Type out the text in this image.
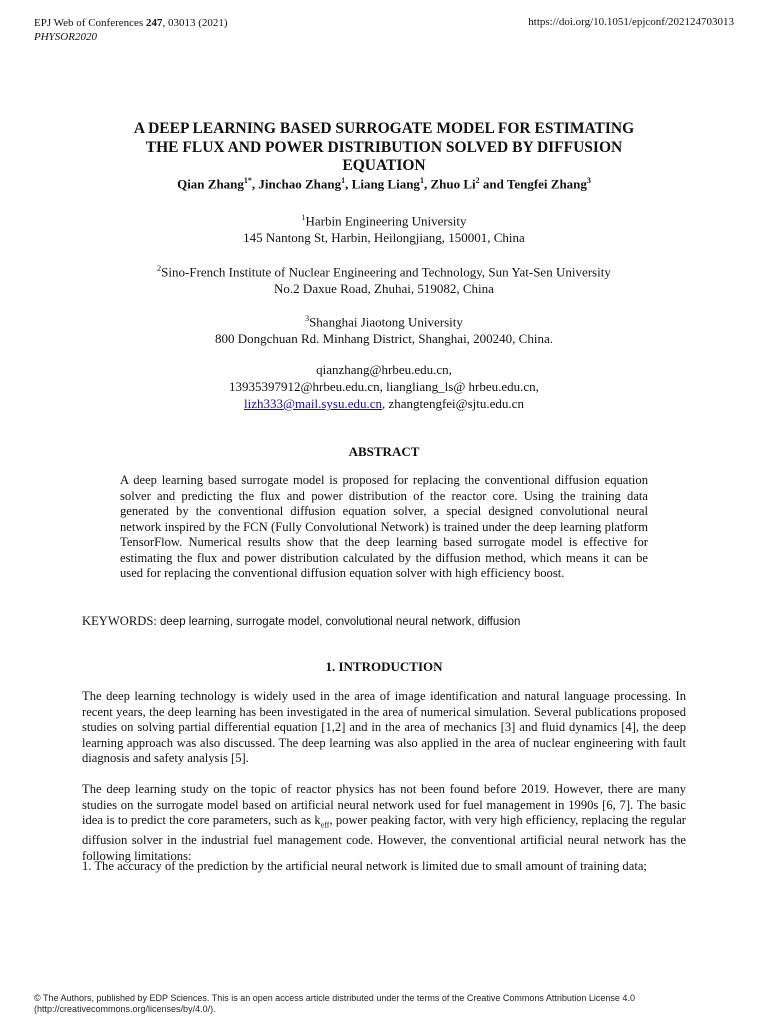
EPJ Web of Conferences 247, 03013 (2021)
PHYSOR2020
https://doi.org/10.1051/epjconf/202124703013
A DEEP LEARNING BASED SURROGATE MODEL FOR ESTIMATING
THE FLUX AND POWER DISTRIBUTION SOLVED BY DIFFUSION
EQUATION

Qian Zhang$^{1*}$, Jinchao Zhang$^1$, Liang Liang$^1$, Zhuo Li$^2$ and Tengfei Zhang$^3$

$^1$Harbin Engineering University
145 Nantong St, Harbin, Heilongjiang, 150001, China
$^2$Sino-French Institute of Nuclear Engineering and Technology, Sun Yat-Sen University
No.2 Daxue Road, Zhuhai, 519082, China
$^3$Shanghai Jiaotong University
800 Dongchuan Rd. Minhang District, Shanghai, 200240, China.
qianzhang@hrbeu.edu.cn,
13935397912@hrbeu.edu.cn, liangliang_ls@ hrbeu.edu.cn,
lizh333@mail.sysu.edu.cn, zhangtengfei@sjtu.edu.cn
ABSTRACT

A deep learning based surrogate model is proposed for replacing the conventional diffusion equation solver and predicting the flux and power distribution of the reactor core. Using the training data generated by the conventional diffusion equation solver, a special designed convolutional neural network inspired by the FCN (Fully Convolutional Network) is trained under the deep learning platform TensorFlow. Numerical results show that the deep learning based surrogate model is effective for estimating the flux and power distribution calculated by the diffusion method, which means it can be used for replacing the conventional diffusion equation solver with high efficiency boost.

KEYWORDS: deep learning, surrogate model, convolutional neural network, diffusion
1. INTRODUCTION

The deep learning technology is widely used in the area of image identification and natural language processing. In recent years, the deep learning has been investigated in the area of numerical simulation. Several publications proposed studies on solving partial differential equation [1,2] and in the area of mechanics [3] and fluid dynamics [4], the deep learning approach was also discussed. The deep learning was also applied in the area of nuclear engineering with fault diagnosis and safety analysis [5].

The deep learning study on the topic of reactor physics has not been found before 2019. However, there are many studies on the surrogate model based on artificial neural network used for fuel management in 1990s [6, 7]. The basic idea is to predict the core parameters, such as $k_{eff}$, power peaking factor, with very high efficiency, replacing the regular diffusion solver in the industrial fuel management code. However, the conventional artificial neural network has the following limitations:

1. The accuracy of the prediction by the artificial neural network is limited due to small amount of training data;

© The Authors, published by EDP Sciences. This is an open access article distributed under the terms of the Creative Commons Attribution License 4.0
(http://creativecommons.org/licenses/by/4.0/).
